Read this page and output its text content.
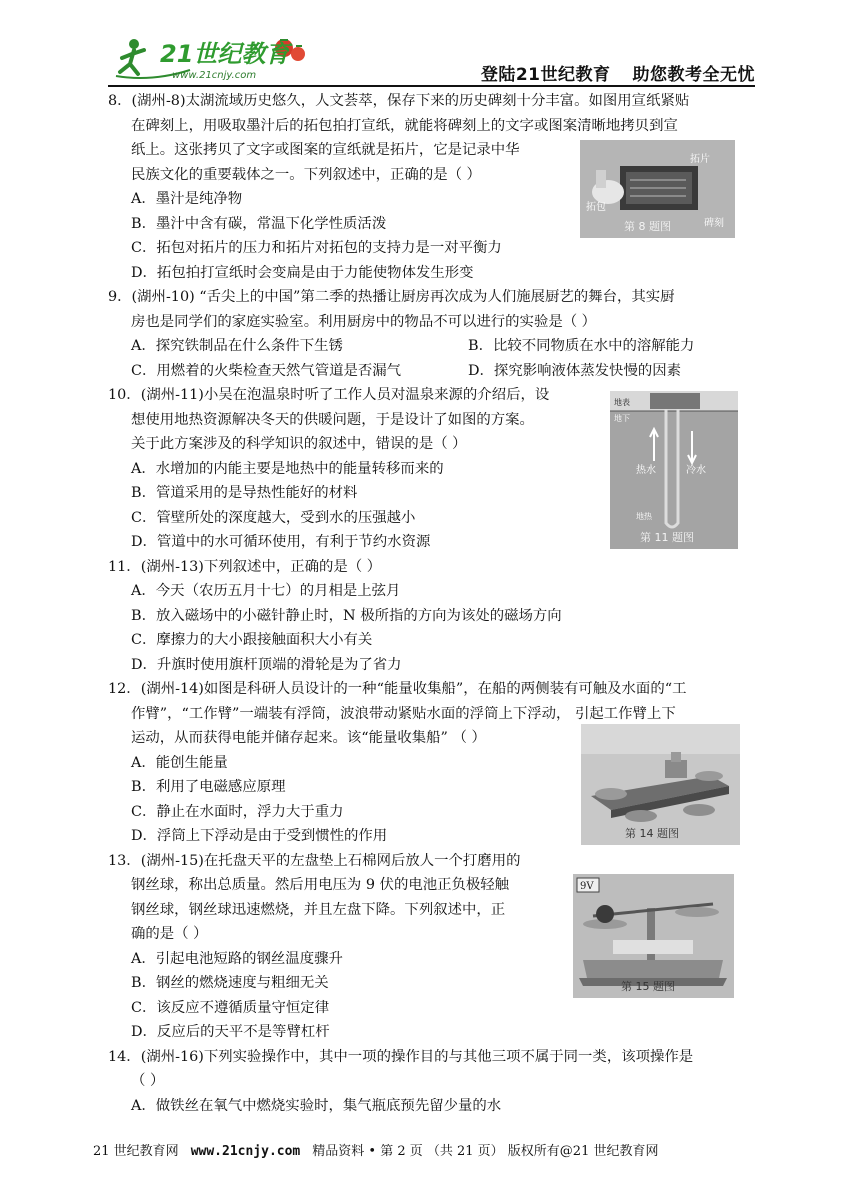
21世纪教育
www.21cnjy.com	登陆21世纪教育 助您教考全无忧
8．(湖州-8)太湖流域历史悠久，人文荟萃，保存下来的历史碑刻十分丰富。如图用宣纸紧贴
在碑刻上，用吸取墨汁后的拓包拍打宣纸，就能将碑刻上的文字或图案清晰地拷贝到宣
纸上。这张拷贝了文字或图案的宣纸就是拓片，它是记录中华
民族文化的重要载体之一。下列叙述中，正确的是（ ）
A．墨汁是纯净物
B．墨汁中含有碳，常温下化学性质活泼
C．拓包对拓片的压力和拓片对拓包的支持力是一对平衡力
D．拓包拍打宣纸时会变扁是由于力能使物体发生形变
拓包
拓片
碑刻
第 8 题图
9．(湖州-10) “舌尖上的中国”第二季的热播让厨房再次成为人们施展厨艺的舞台，其实厨
房也是同学们的家庭实验室。利用厨房中的物品不可以进行的实验是（ ）
A．探究铁制品在什么条件下生锈	B．比较不同物质在水中的溶解能力
C．用燃着的火柴检查天然气管道是否漏气	D．探究影响液体蒸发快慢的因素
10．(湖州-11)小吴在泡温泉时听了工作人员对温泉来源的介绍后，设
想使用地热资源解决冬天的供暖问题，于是设计了如图的方案。
关于此方案涉及的科学知识的叙述中，错误的是（ ）
A．水增加的内能主要是地热中的能量转移而来的
B．管道采用的是导热性能好的材料
C．管壁所处的深度越大，受到水的压强越小
D．管道中的水可循环使用，有利于节约水资源
地表
地下
热水	冷水
地热
第 11 题图
11．(湖州-13)下列叙述中，正确的是（ ）
A．今天（农历五月十七）的月相是上弦月
B．放入磁场中的小磁针静止时，N 极所指的方向为该处的磁场方向
C．摩擦力的大小跟接触面积大小有关
D．升旗时使用旗杆顶端的滑轮是为了省力
12．(湖州-14)如图是科研人员设计的一种“能量收集船”，在船的两侧装有可触及水面的“工
作臂”，“工作臂”一端装有浮筒，波浪带动紧贴水面的浮筒上下浮动， 引起工作臂上下
运动，从而获得电能并储存起来。该“能量收集船” （ ）
A．能创生能量
B．利用了电磁感应原理
C．静止在水面时，浮力大于重力
D．浮筒上下浮动是由于受到惯性的作用	第 14 题图
13．(湖州-15)在托盘天平的左盘垫上石棉网后放人一个打磨用的
钢丝球，称出总质量。然后用电压为 9 伏的电池正负极轻触
钢丝球，钢丝球迅速燃烧，并且左盘下降。下列叙述中，正
确的是（ ）
A．引起电池短路的钢丝温度骤升
B．钢丝的燃烧速度与粗细无关
C．该反应不遵循质量守恒定律
D．反应后的天平不是等臂杠杆
9V
第 15 题图
14．(湖州-16)下列实验操作中，其中一项的操作目的与其他三项不属于同一类，该项操作是
（ ）
A．做铁丝在氧气中燃烧实验时，集气瓶底预先留少量的水
21 世纪教育网 www.21cnjy.com 精品资料 • 第 2 页 （共 21 页） 版权所有@21 世纪教育网
